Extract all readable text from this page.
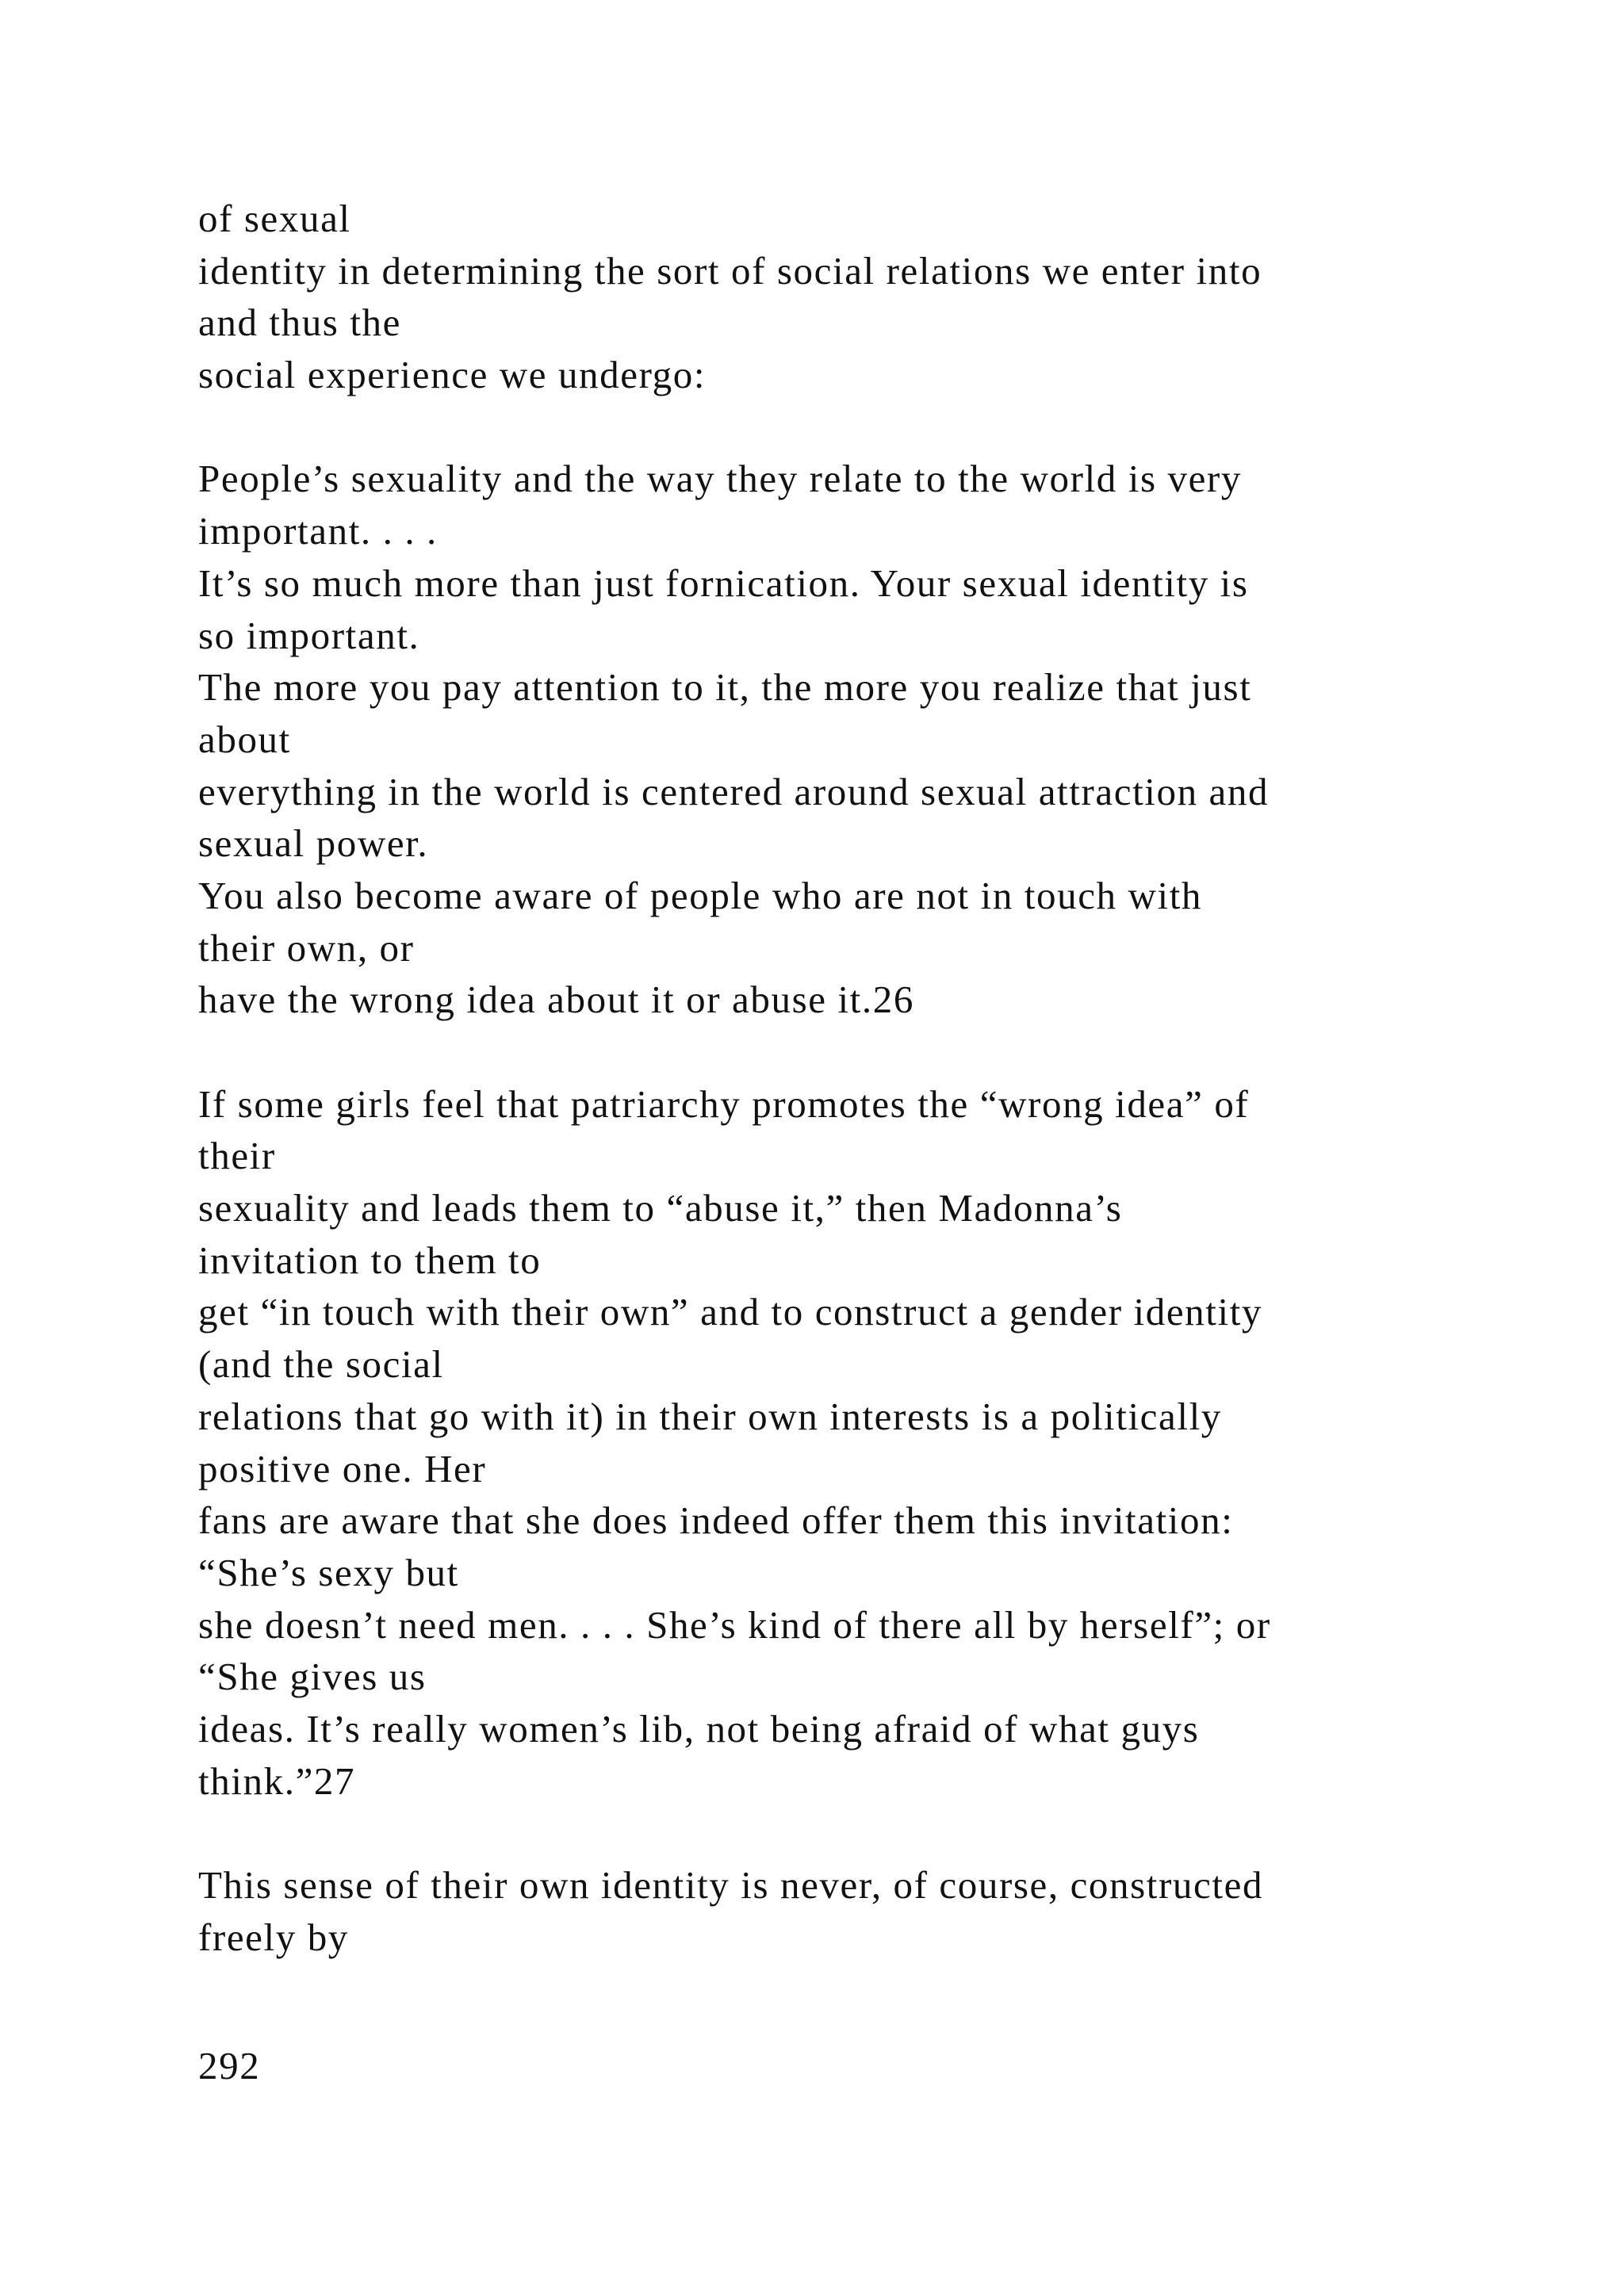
of sexual
identity in determining the sort of social relations we enter into
and thus the
social experience we undergo:
People’s sexuality and the way they relate to the world is very
important. . . .
It’s so much more than just fornication. Your sexual identity is
so important.
The more you pay attention to it, the more you realize that just
about
everything in the world is centered around sexual attraction and
sexual power.
You also become aware of people who are not in touch with
their own, or
have the wrong idea about it or abuse it.26
If some girls feel that patriarchy promotes the “wrong idea” of
their
sexuality and leads them to “abuse it,” then Madonna’s
invitation to them to
get “in touch with their own” and to construct a gender identity
(and the social
relations that go with it) in their own interests is a politically
positive one. Her
fans are aware that she does indeed offer them this invitation:
“She’s sexy but
she doesn’t need men. . . . She’s kind of there all by herself”; or
“She gives us
ideas. It’s really women’s lib, not being afraid of what guys
think.”27
This sense of their own identity is never, of course, constructed
freely by
292
